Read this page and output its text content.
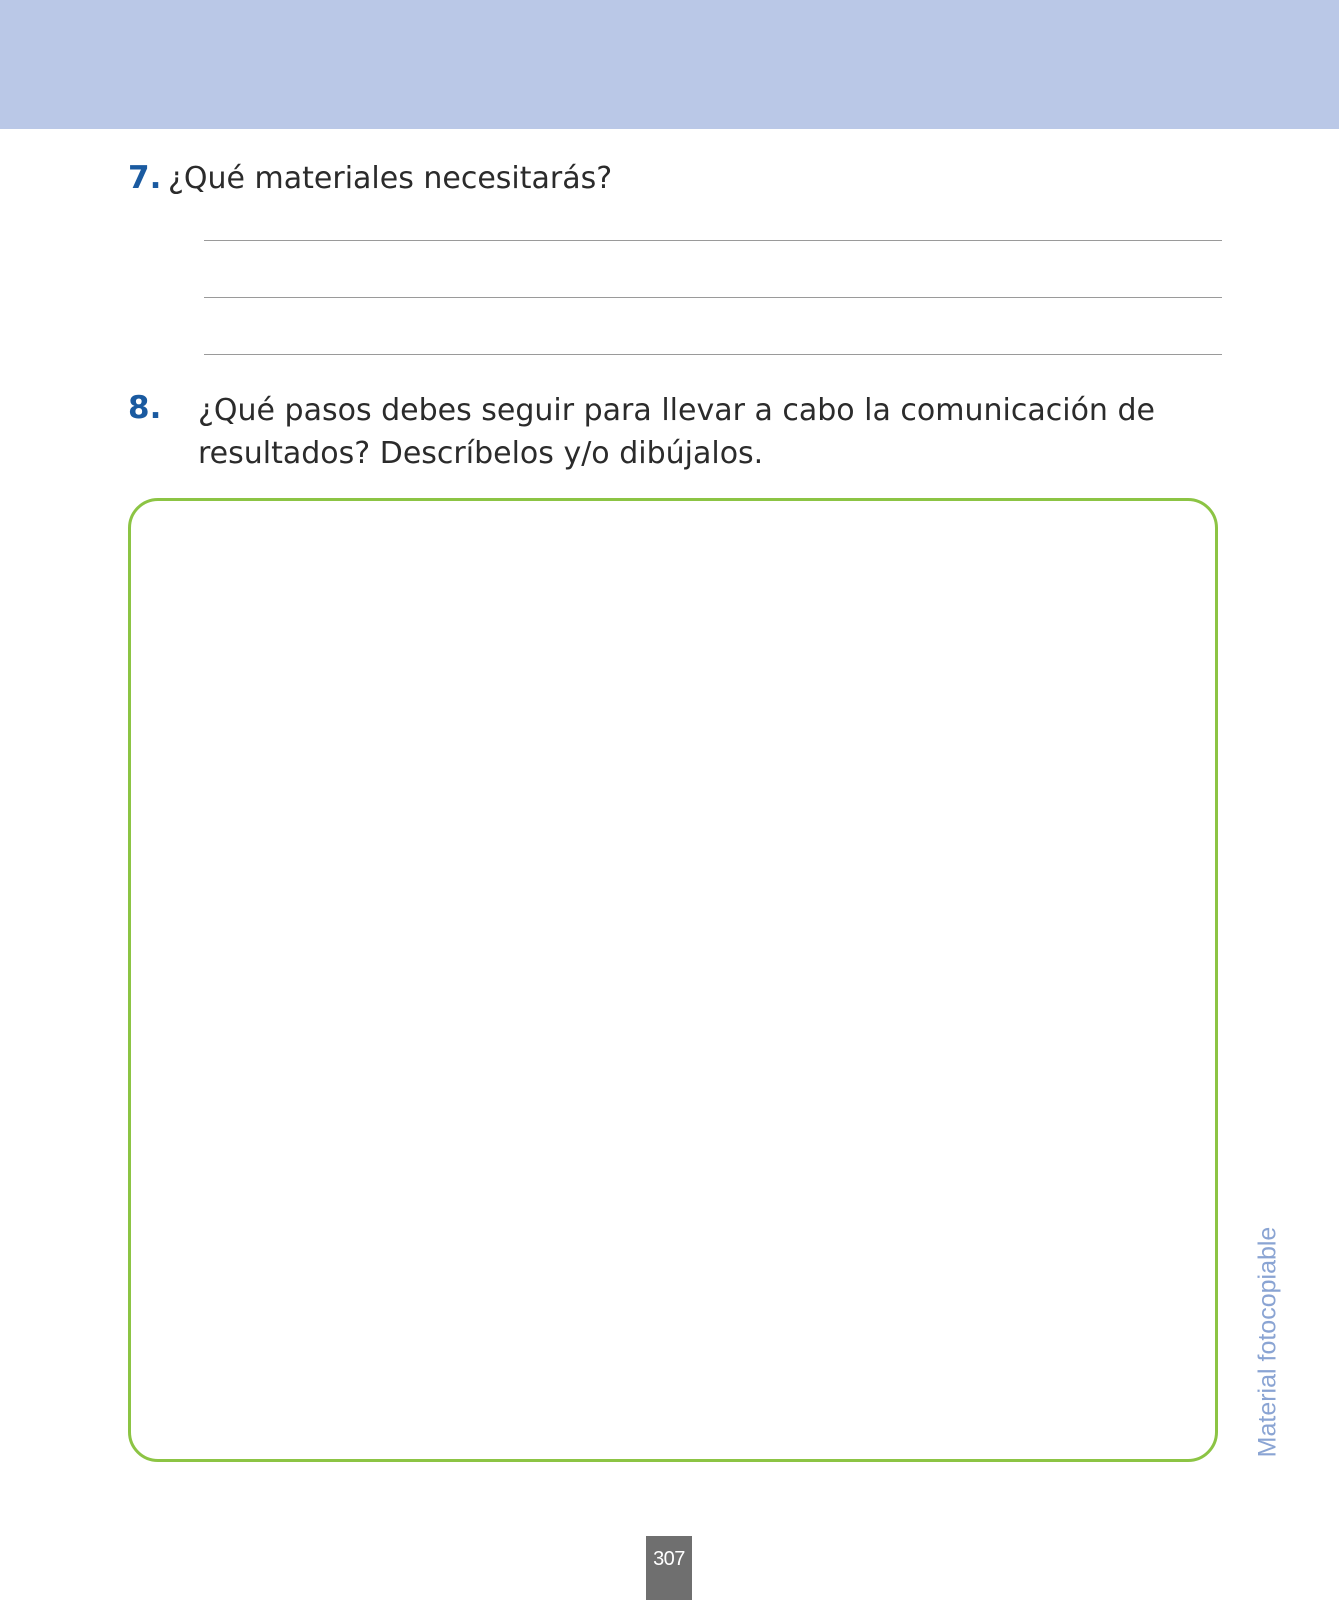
7. ¿Qué materiales necesitarás?

8. ¿Qué pasos debes seguir para llevar a cabo la comunicación de resultados? Descríbelos y/o dibújalos.

Material fotocopiable
307
